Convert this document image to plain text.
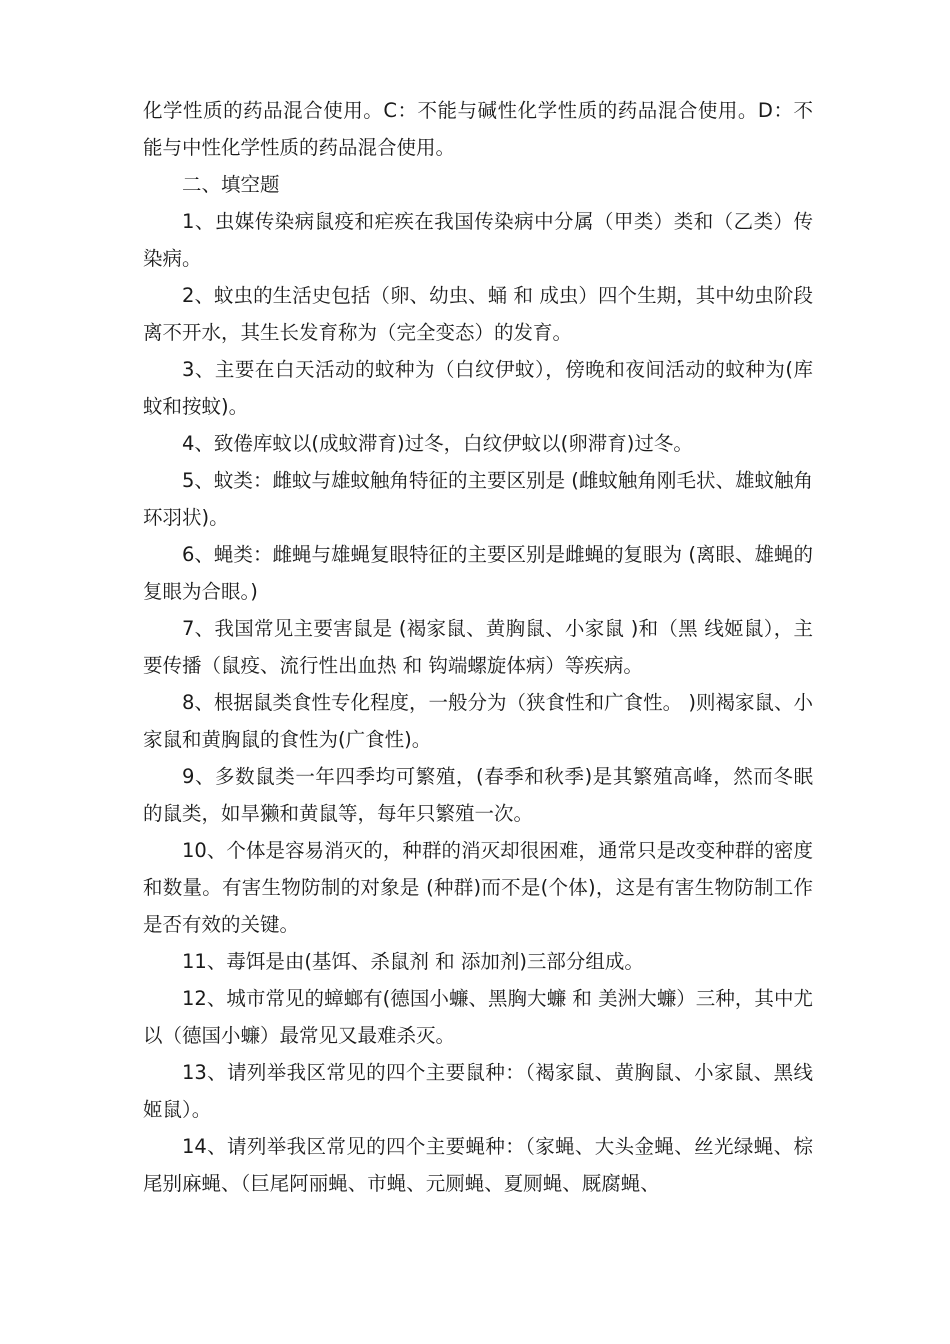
化学性质的药品混合使用。C：不能与碱性化学性质的药品混合使用。D：不能与中性化学性质的药品混合使用。

二、填空题

1、虫媒传染病鼠疫和疟疾在我国传染病中分属（甲类）类和（乙类）传染病。

2、蚊虫的生活史包括（卵、幼虫、蛹 和 成虫）四个生期，其中幼虫阶段 离不开水，其生长发育称为（完全变态）的发育。

3、主要在白天活动的蚊种为（白纹伊蚊），傍晚和夜间活动的蚊种为(库蚊和按蚊)。

4、致倦库蚊以(成蚊滞育)过冬，白纹伊蚊以(卵滞育)过冬。

5、蚊类：雌蚊与雄蚊触角特征的主要区别是 (雌蚊触角刚毛状、雄蚊触角环羽状)。

6、蝇类：雌蝇与雄蝇复眼特征的主要区别是雌蝇的复眼为 (离眼、雄蝇的复眼为合眼。)

7、我国常见主要害鼠是 (褐家鼠、黄胸鼠、小家鼠 )和（黑 线姬鼠），主要传播（鼠疫、流行性出血热 和 钩端螺旋体病）等疾病。

8、根据鼠类食性专化程度，一般分为（狭食性和广食性。 )则褐家鼠、小家鼠和黄胸鼠的食性为(广食性)。

9、多数鼠类一年四季均可繁殖，(春季和秋季)是其繁殖高峰，然而冬眠的鼠类，如旱獭和黄鼠等，每年只繁殖一次。

10、个体是容易消灭的，种群的消灭却很困难，通常只是改变种群的密度和数量。有害生物防制的对象是 (种群)而不是(个体)，这是有害生物防制工作是否有效的关键。

11、毒饵是由(基饵、杀鼠剂 和 添加剂)三部分组成。

12、城市常见的蟑螂有(德国小蠊、黑胸大蠊 和 美洲大蠊）三种，其中尤以（德国小蠊）最常见又最难杀灭。

13、请列举我区常见的四个主要鼠种：（褐家鼠、黄胸鼠、小家鼠、黑线姬鼠）。

14、请列举我区常见的四个主要蝇种：（家蝇、大头金蝇、丝光绿蝇、棕尾别麻蝇、（巨尾阿丽蝇、市蝇、元厕蝇、夏厕蝇、厩腐蝇、
